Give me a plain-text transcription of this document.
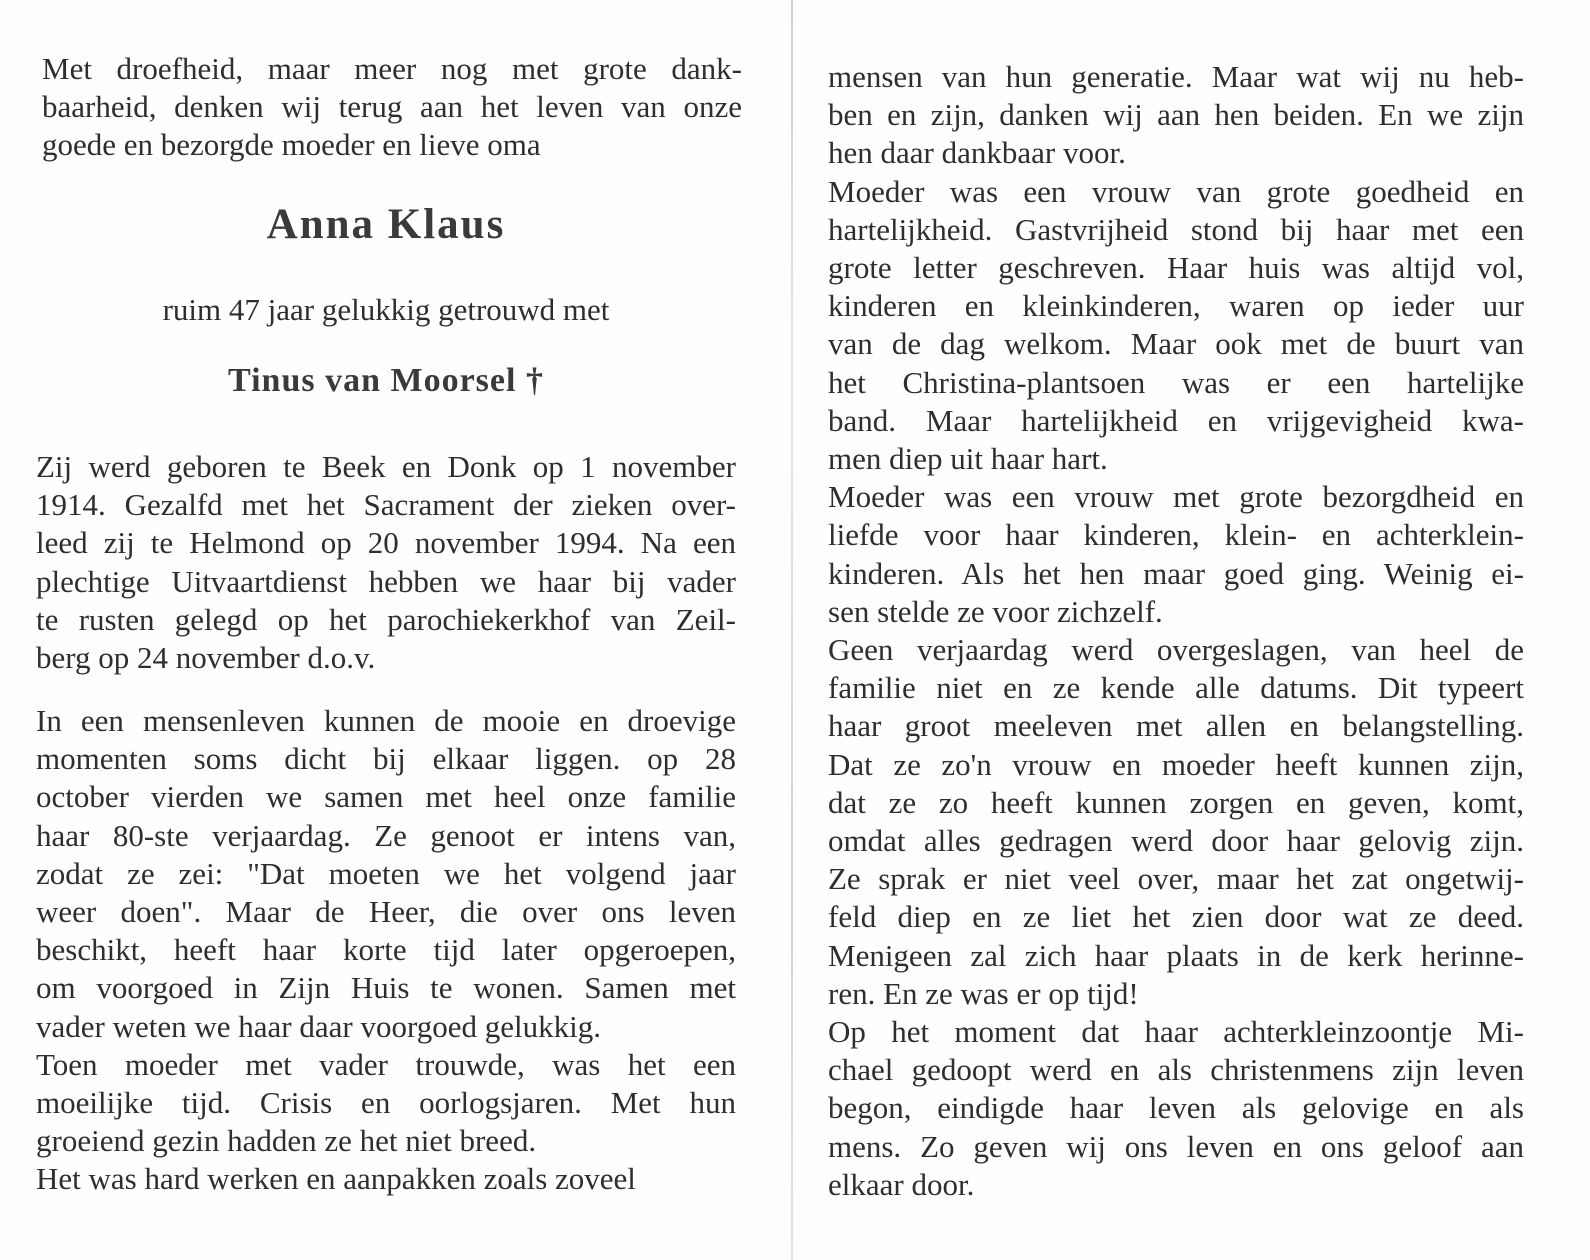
Met droefheid, maar meer nog met grote dank-
baarheid, denken wij terug aan het leven van onze
goede en bezorgde moeder en lieve oma
Anna Klaus

ruim 47 jaar gelukkig getrouwd met

Tinus van Moorsel †
Zij werd geboren te Beek en Donk op 1 november
1914. Gezalfd met het Sacrament der zieken over-
leed zij te Helmond op 20 november 1994. Na een
plechtige Uitvaartdienst hebben we haar bij vader
te rusten gelegd op het parochiekerkhof van Zeil-
berg op 24 november d.o.v.
In een mensenleven kunnen de mooie en droevige
momenten soms dicht bij elkaar liggen. op 28
october vierden we samen met heel onze familie
haar 80-ste verjaardag. Ze genoot er intens van,
zodat ze zei: "Dat moeten we het volgend jaar
weer doen". Maar de Heer, die over ons leven
beschikt, heeft haar korte tijd later opgeroepen,
om voorgoed in Zijn Huis te wonen. Samen met
vader weten we haar daar voorgoed gelukkig.
Toen moeder met vader trouwde, was het een
moeilijke tijd. Crisis en oorlogsjaren. Met hun
groeiend gezin hadden ze het niet breed.
Het was hard werken en aanpakken zoals zoveel
mensen van hun generatie. Maar wat wij nu heb-
ben en zijn, danken wij aan hen beiden. En we zijn
hen daar dankbaar voor.
Moeder was een vrouw van grote goedheid en
hartelijkheid. Gastvrijheid stond bij haar met een
grote letter geschreven. Haar huis was altijd vol,
kinderen en kleinkinderen, waren op ieder uur
van de dag welkom. Maar ook met de buurt van
het Christina-plantsoen was er een hartelijke
band. Maar hartelijkheid en vrijgevigheid kwa-
men diep uit haar hart.
Moeder was een vrouw met grote bezorgdheid en
liefde voor haar kinderen, klein- en achterklein-
kinderen. Als het hen maar goed ging. Weinig ei-
sen stelde ze voor zichzelf.
Geen verjaardag werd overgeslagen, van heel de
familie niet en ze kende alle datums. Dit typeert
haar groot meeleven met allen en belangstelling.
Dat ze zo'n vrouw en moeder heeft kunnen zijn,
dat ze zo heeft kunnen zorgen en geven, komt,
omdat alles gedragen werd door haar gelovig zijn.
Ze sprak er niet veel over, maar het zat ongetwij-
feld diep en ze liet het zien door wat ze deed.
Menigeen zal zich haar plaats in de kerk herinne-
ren. En ze was er op tijd!
Op het moment dat haar achterkleinzoontje Mi-
chael gedoopt werd en als christenmens zijn leven
begon, eindigde haar leven als gelovige en als
mens. Zo geven wij ons leven en ons geloof aan
elkaar door.
